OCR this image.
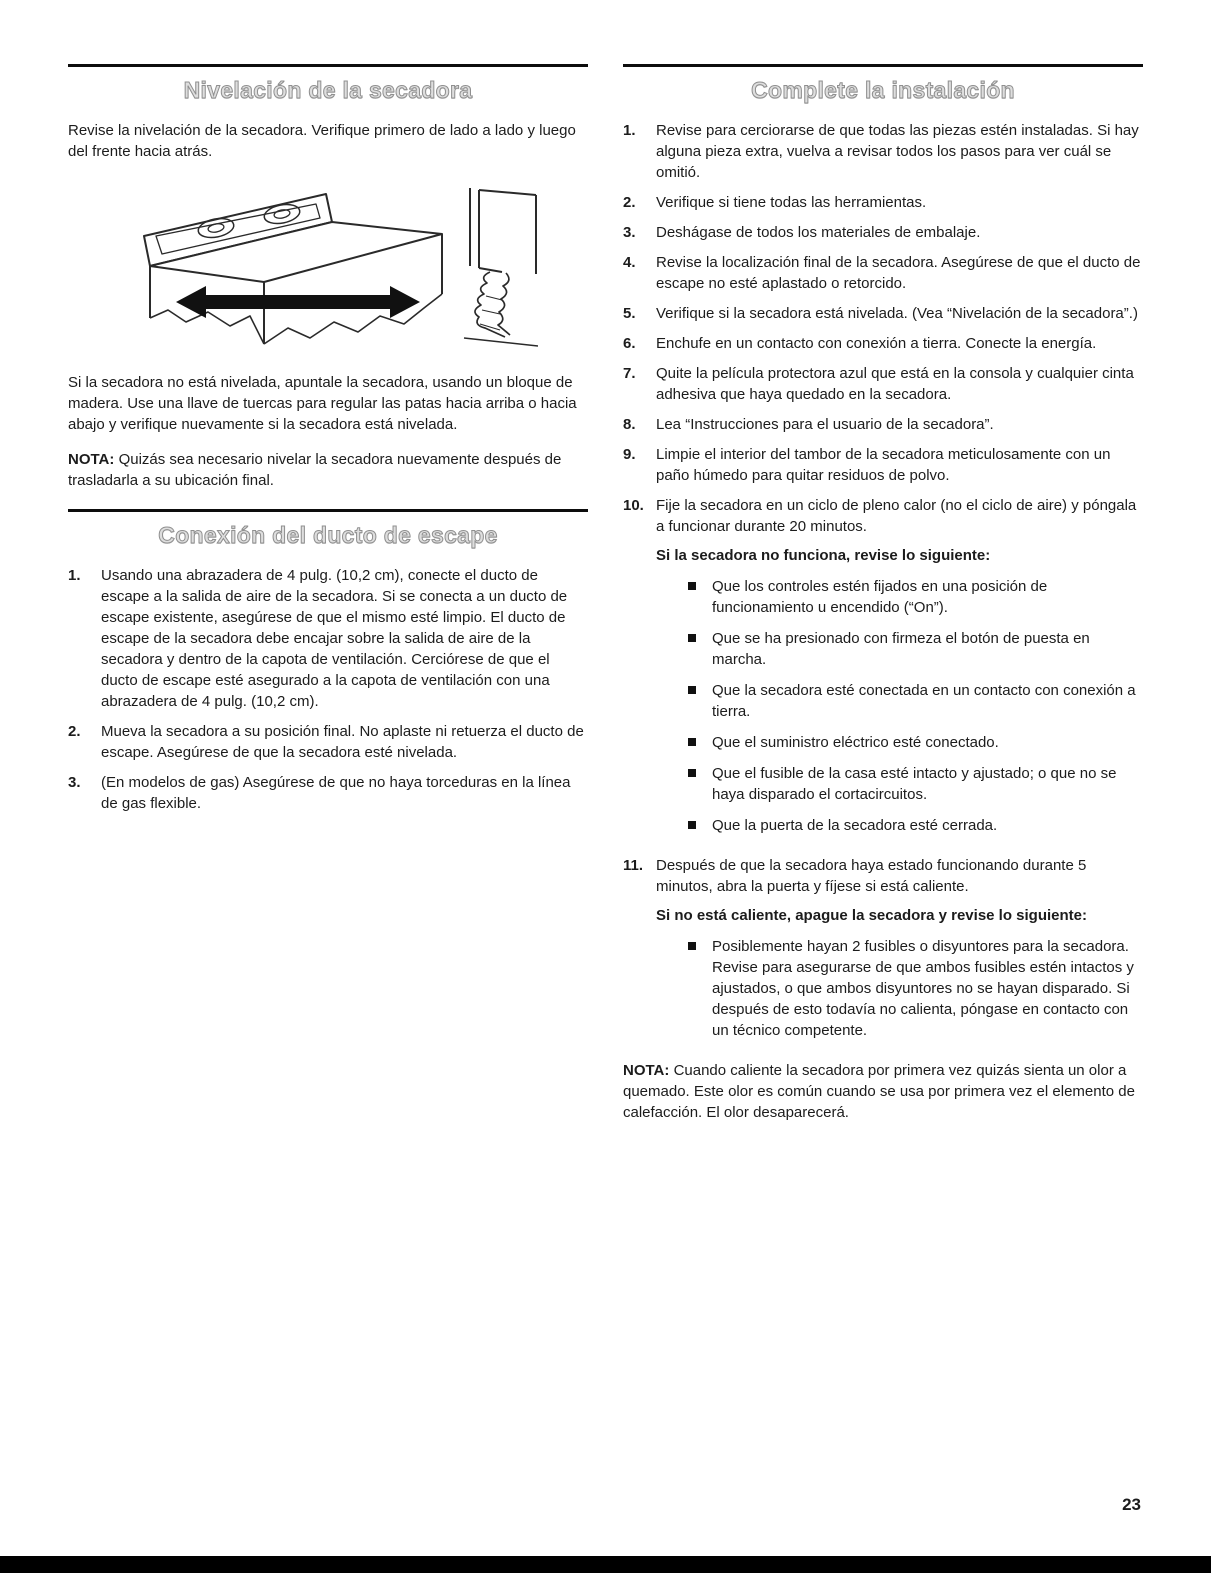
Nivelación de la secadora

Revise la nivelación de la secadora. Verifique primero de lado a lado y luego del frente hacia atrás.

Si la secadora no está nivelada, apuntale la secadora, usando un bloque de madera. Use una llave de tuercas para regular las patas hacia arriba o hacia abajo y verifique nuevamente si la secadora está nivelada.

NOTA: Quizás sea necesario nivelar la secadora nuevamente después de trasladarla a su ubicación final.

Conexión del ducto de escape
1.	Usando una abrazadera de 4 pulg. (10,2 cm), conecte el ducto de escape a la salida de aire de la secadora. Si se conecta a un ducto de escape existente, asegúrese de que el mismo esté limpio. El ducto de escape de la secadora debe encajar sobre la salida de aire de la secadora y dentro de la capota de ventilación. Cerciórese de que el ducto de escape esté asegurado a la capota de ventilación con una abrazadera de 4 pulg. (10,2 cm).

2.	Mueva la secadora a su posición final. No aplaste ni retuerza el ducto de escape. Asegúrese de que la secadora esté nivelada.

3.	(En modelos de gas) Asegúrese de que no haya torceduras en la línea de gas flexible.

Complete la instalación
1.	Revise para cerciorarse de que todas las piezas estén instaladas. Si hay alguna pieza extra, vuelva a revisar todos los pasos para ver cuál se omitió.

2.	Verifique si tiene todas las herramientas.

3.	Deshágase de todos los materiales de embalaje.

4.	Revise la localización final de la secadora. Asegúrese de que el ducto de escape no esté aplastado o retorcido.

5.	Verifique si la secadora está nivelada. (Vea “Nivelación de la secadora”.)

6.	Enchufe en un contacto con conexión a tierra. Conecte la energía.

7.	Quite la película protectora azul que está en la consola y cualquier cinta adhesiva que haya quedado en la secadora.

8.	Lea “Instrucciones para el usuario de la secadora”.

9.	Limpie el interior del tambor de la secadora meticulosamente con un paño húmedo para quitar residuos de polvo.

10. Fije la secadora en un ciclo de pleno calor (no el ciclo de aire) y póngala a funcionar durante 20 minutos.

Si la secadora no funciona, revise lo siguiente:

Que los controles estén fijados en una posición de funcionamiento u encendido (“On”).
Que se ha presionado con firmeza el botón de puesta en marcha.
Que la secadora esté conectada en un contacto con conexión a tierra.
Que el suministro eléctrico esté conectado.
Que el fusible de la casa esté intacto y ajustado; o que no se haya disparado el cortacircuitos.
Que la puerta de la secadora esté cerrada.
11. Después de que la secadora haya estado funcionando durante 5 minutos, abra la puerta y fíjese si está caliente.

Si no está caliente, apague la secadora y revise lo siguiente:

Posiblemente hayan 2 fusibles o disyuntores para la secadora. Revise para asegurarse de que ambos fusibles estén intactos y ajustados, o que ambos disyuntores no se hayan disparado. Si después de esto todavía no calienta, póngase en contacto con un técnico competente.

NOTA: Cuando caliente la secadora por primera vez quizás sienta un olor a quemado. Este olor es común cuando se usa por primera vez el elemento de calefacción. El olor desaparecerá.

23
